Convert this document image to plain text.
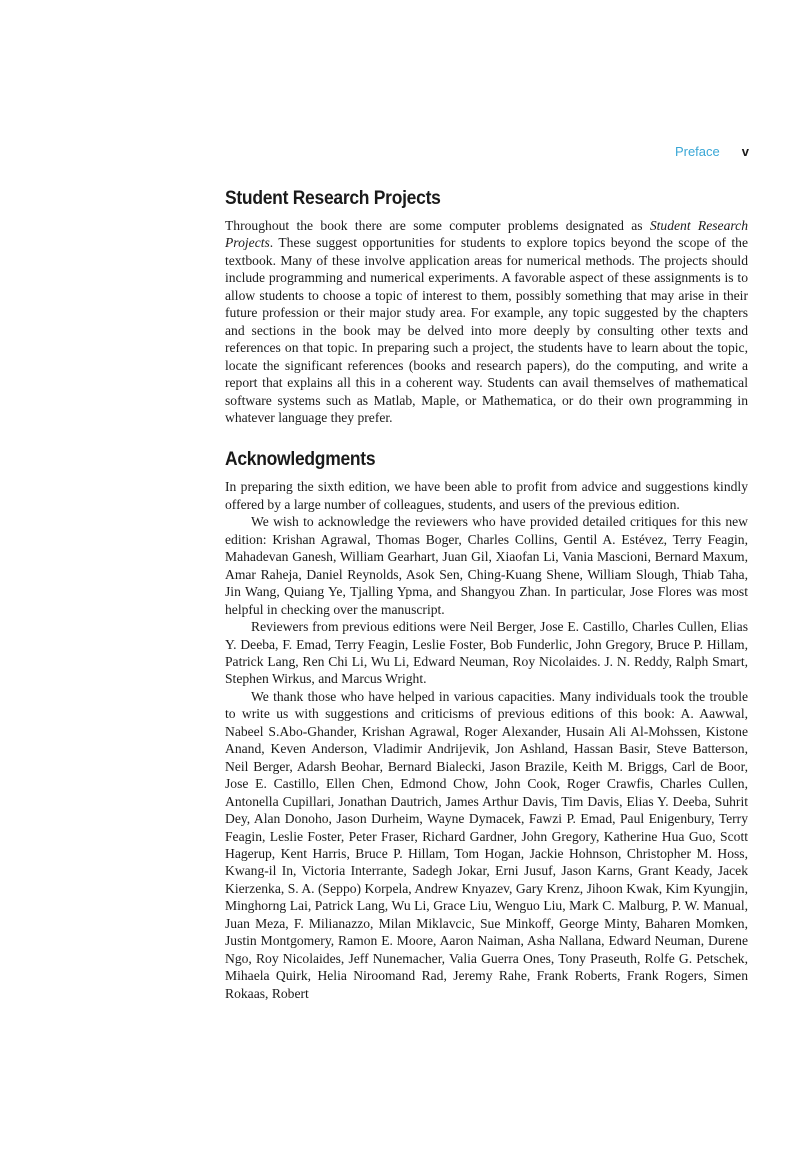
Preface v
Student Research Projects

Throughout the book there are some computer problems designated as Student Research Projects. These suggest opportunities for students to explore topics beyond the scope of the textbook. Many of these involve application areas for numerical methods. The projects should include programming and numerical experiments. A favorable aspect of these assignments is to allow students to choose a topic of interest to them, possibly something that may arise in their future profession or their major study area. For example, any topic suggested by the chapters and sections in the book may be delved into more deeply by consulting other texts and references on that topic. In preparing such a project, the students have to learn about the topic, locate the significant references (books and research papers), do the computing, and write a report that explains all this in a coherent way. Students can avail themselves of mathematical software systems such as Matlab, Maple, or Mathematica, or do their own programming in whatever language they prefer.

Acknowledgments

In preparing the sixth edition, we have been able to profit from advice and suggestions kindly offered by a large number of colleagues, students, and users of the previous edition.

We wish to acknowledge the reviewers who have provided detailed critiques for this new edition: Krishan Agrawal, Thomas Boger, Charles Collins, Gentil A. Estévez, Terry Feagin, Mahadevan Ganesh, William Gearhart, Juan Gil, Xiaofan Li, Vania Mascioni, Bernard Maxum, Amar Raheja, Daniel Reynolds, Asok Sen, Ching-Kuang Shene, William Slough, Thiab Taha, Jin Wang, Quiang Ye, Tjalling Ypma, and Shangyou Zhan. In particular, Jose Flores was most helpful in checking over the manuscript.

Reviewers from previous editions were Neil Berger, Jose E. Castillo, Charles Cullen, Elias Y. Deeba, F. Emad, Terry Feagin, Leslie Foster, Bob Funderlic, John Gregory, Bruce P. Hillam, Patrick Lang, Ren Chi Li, Wu Li, Edward Neuman, Roy Nicolaides. J. N. Reddy, Ralph Smart, Stephen Wirkus, and Marcus Wright.

We thank those who have helped in various capacities. Many individuals took the trouble to write us with suggestions and criticisms of previous editions of this book: A. Aawwal, Nabeel S.Abo-Ghander, Krishan Agrawal, Roger Alexander, Husain Ali Al-Mohssen, Kistone Anand, Keven Anderson, Vladimir Andrijevik, Jon Ashland, Hassan Basir, Steve Batterson, Neil Berger, Adarsh Beohar, Bernard Bialecki, Jason Brazile, Keith M. Briggs, Carl de Boor, Jose E. Castillo, Ellen Chen, Edmond Chow, John Cook, Roger Crawfis, Charles Cullen, Antonella Cupillari, Jonathan Dautrich, James Arthur Davis, Tim Davis, Elias Y. Deeba, Suhrit Dey, Alan Donoho, Jason Durheim, Wayne Dymacek, Fawzi P. Emad, Paul Enigenbury, Terry Feagin, Leslie Foster, Peter Fraser, Richard Gardner, John Gregory, Katherine Hua Guo, Scott Hagerup, Kent Harris, Bruce P. Hillam, Tom Hogan, Jackie Hohnson, Christopher M. Hoss, Kwang-il In, Victoria Interrante, Sadegh Jokar, Erni Jusuf, Jason Karns, Grant Keady, Jacek Kierzenka, S. A. (Seppo) Korpela, Andrew Knyazev, Gary Krenz, Jihoon Kwak, Kim Kyungjin, Minghorng Lai, Patrick Lang, Wu Li, Grace Liu, Wenguo Liu, Mark C. Malburg, P. W. Manual, Juan Meza, F. Milianazzo, Milan Miklavcic, Sue Minkoff, George Minty, Baharen Momken, Justin Montgomery, Ramon E. Moore, Aaron Naiman, Asha Nallana, Edward Neuman, Durene Ngo, Roy Nicolaides, Jeff Nunemacher, Valia Guerra Ones, Tony Praseuth, Rolfe G. Petschek, Mihaela Quirk, Helia Niroomand Rad, Jeremy Rahe, Frank Roberts, Frank Rogers, Simen Rokaas, Robert
